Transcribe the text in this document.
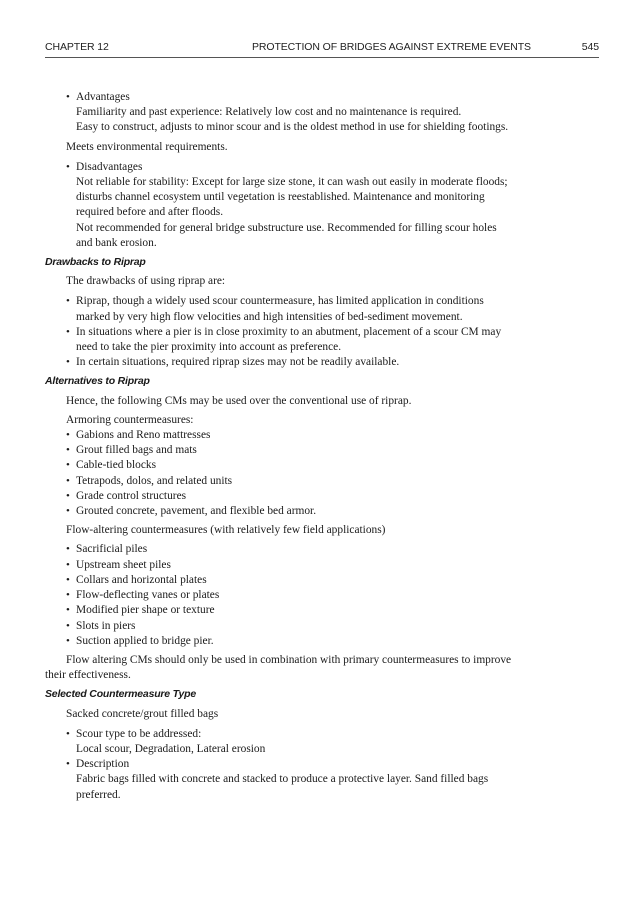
CHAPTER 12	PROTECTION OF BRIDGES AGAINST EXTREME EVENTS	545
• Advantages
Familiarity and past experience: Relatively low cost and no maintenance is required.
Easy to construct, adjusts to minor scour and is the oldest method in use for shielding footings.

Meets environmental requirements.

• Disadvantages
Not reliable for stability: Except for large size stone, it can wash out easily in moderate floods; disturbs channel ecosystem until vegetation is reestablished. Maintenance and monitoring required before and after floods.
Not recommended for general bridge substructure use. Recommended for filling scour holes and bank erosion.

Drawbacks to Riprap

The drawbacks of using riprap are:

• Riprap, though a widely used scour countermeasure, has limited application in conditions marked by very high flow velocities and high intensities of bed-sediment movement.
• In situations where a pier is in close proximity to an abutment, placement of a scour CM may need to take the pier proximity into account as preference.
• In certain situations, required riprap sizes may not be readily available.

Alternatives to Riprap

Hence, the following CMs may be used over the conventional use of riprap.

Armoring countermeasures:

• Gabions and Reno mattresses
• Grout filled bags and mats
• Cable-tied blocks
• Tetrapods, dolos, and related units
• Grade control structures
• Grouted concrete, pavement, and flexible bed armor.

Flow-altering countermeasures (with relatively few field applications)

• Sacrificial piles
• Upstream sheet piles
• Collars and horizontal plates
• Flow-deflecting vanes or plates
• Modified pier shape or texture
• Slots in piers
• Suction applied to bridge pier.

Flow altering CMs should only be used in combination with primary countermeasures to improve their effectiveness.

Selected Countermeasure Type

Sacked concrete/grout filled bags

• Scour type to be addressed:
Local scour, Degradation, Lateral erosion
• Description
Fabric bags filled with concrete and stacked to produce a protective layer. Sand filled bags preferred.
